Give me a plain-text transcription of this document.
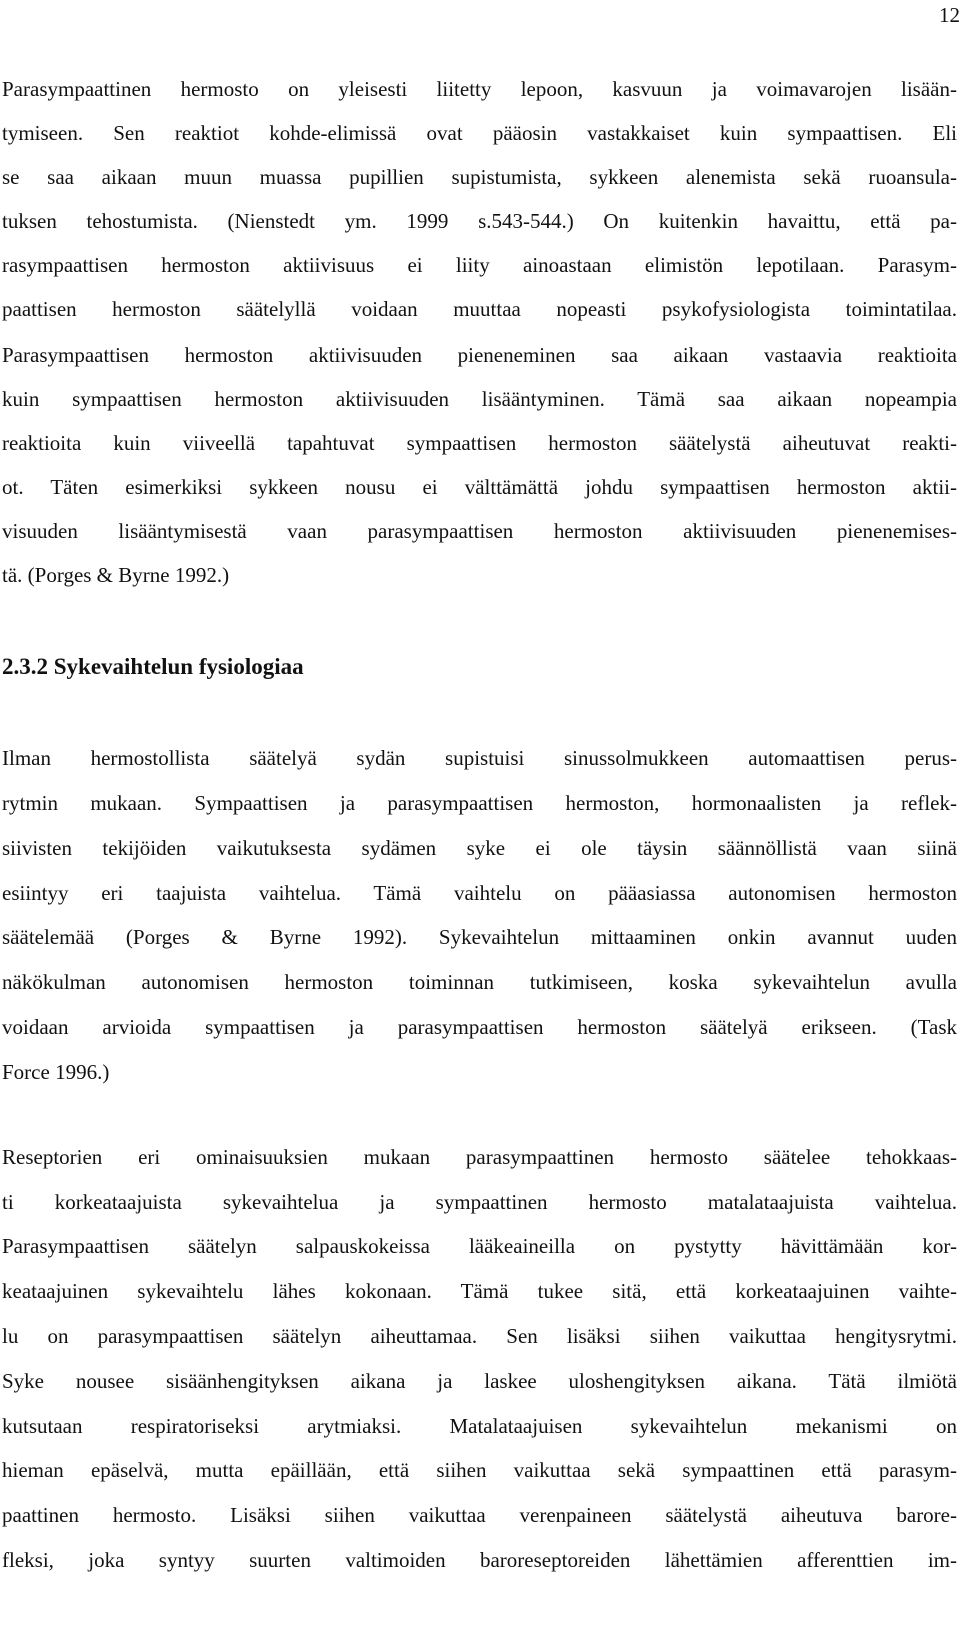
12
Parasympaattinen hermosto on yleisesti liitetty lepoon, kasvuun ja voimavarojen lisään-
tymiseen. Sen reaktiot kohde-elimissä ovat pääosin vastakkaiset kuin sympaattisen. Eli
se saa aikaan muun muassa pupillien supistumista, sykkeen alenemista sekä ruoansula-
tuksen tehostumista. (Nienstedt ym. 1999 s.543-544.) On kuitenkin havaittu, että pa-
rasympaattisen hermoston aktiivisuus ei liity ainoastaan elimistön lepotilaan. Parasym-
paattisen hermoston säätelyllä voidaan muuttaa nopeasti psykofysiologista toimintatilaa.
Parasympaattisen hermoston aktiivisuuden pieneneminen saa aikaan vastaavia reaktioita
kuin sympaattisen hermoston aktiivisuuden lisääntyminen. Tämä saa aikaan nopeampia
reaktioita kuin viiveellä tapahtuvat sympaattisen hermoston säätelystä aiheutuvat reakti-
ot. Täten esimerkiksi sykkeen nousu ei välttämättä johdu sympaattisen hermoston aktii-
visuuden lisääntymisestä vaan parasympaattisen hermoston aktiivisuuden pienenemises-
tä. (Porges & Byrne 1992.)
2.3.2 Sykevaihtelun fysiologiaa
Ilman hermostollista säätelyä sydän supistuisi sinussolmukkeen automaattisen perus-
rytmin mukaan. Sympaattisen ja parasympaattisen hermoston, hormonaalisten ja reflek-
siivisten tekijöiden vaikutuksesta sydämen syke ei ole täysin säännöllistä vaan siinä
esiintyy eri taajuista vaihtelua. Tämä vaihtelu on pääasiassa autonomisen hermoston
säätelemää (Porges & Byrne 1992). Sykevaihtelun mittaaminen onkin avannut uuden
näkökulman autonomisen hermoston toiminnan tutkimiseen, koska sykevaihtelun avulla
voidaan arvioida sympaattisen ja parasympaattisen hermoston säätelyä erikseen. (Task
Force 1996.)
Reseptorien eri ominaisuuksien mukaan parasympaattinen hermosto säätelee tehokkaas-
ti korkeataajuista sykevaihtelua ja sympaattinen hermosto matalataajuista vaihtelua.
Parasympaattisen säätelyn salpauskokeissa lääkeaineilla on pystytty hävittämään kor-
keataajuinen sykevaihtelu lähes kokonaan. Tämä tukee sitä, että korkeataajuinen vaihte-
lu on parasympaattisen säätelyn aiheuttamaa. Sen lisäksi siihen vaikuttaa hengitysrytmi.
Syke nousee sisäänhengityksen aikana ja laskee uloshengityksen aikana. Tätä ilmiötä
kutsutaan respiratoriseksi arytmiaksi. Matalataajuisen sykevaihtelun mekanismi on
hieman epäselvä, mutta epäillään, että siihen vaikuttaa sekä sympaattinen että parasym-
paattinen hermosto. Lisäksi siihen vaikuttaa verenpaineen säätelystä aiheutuva barore-
fleksi, joka syntyy suurten valtimoiden baroreseptoreiden lähettämien afferenttien im-
